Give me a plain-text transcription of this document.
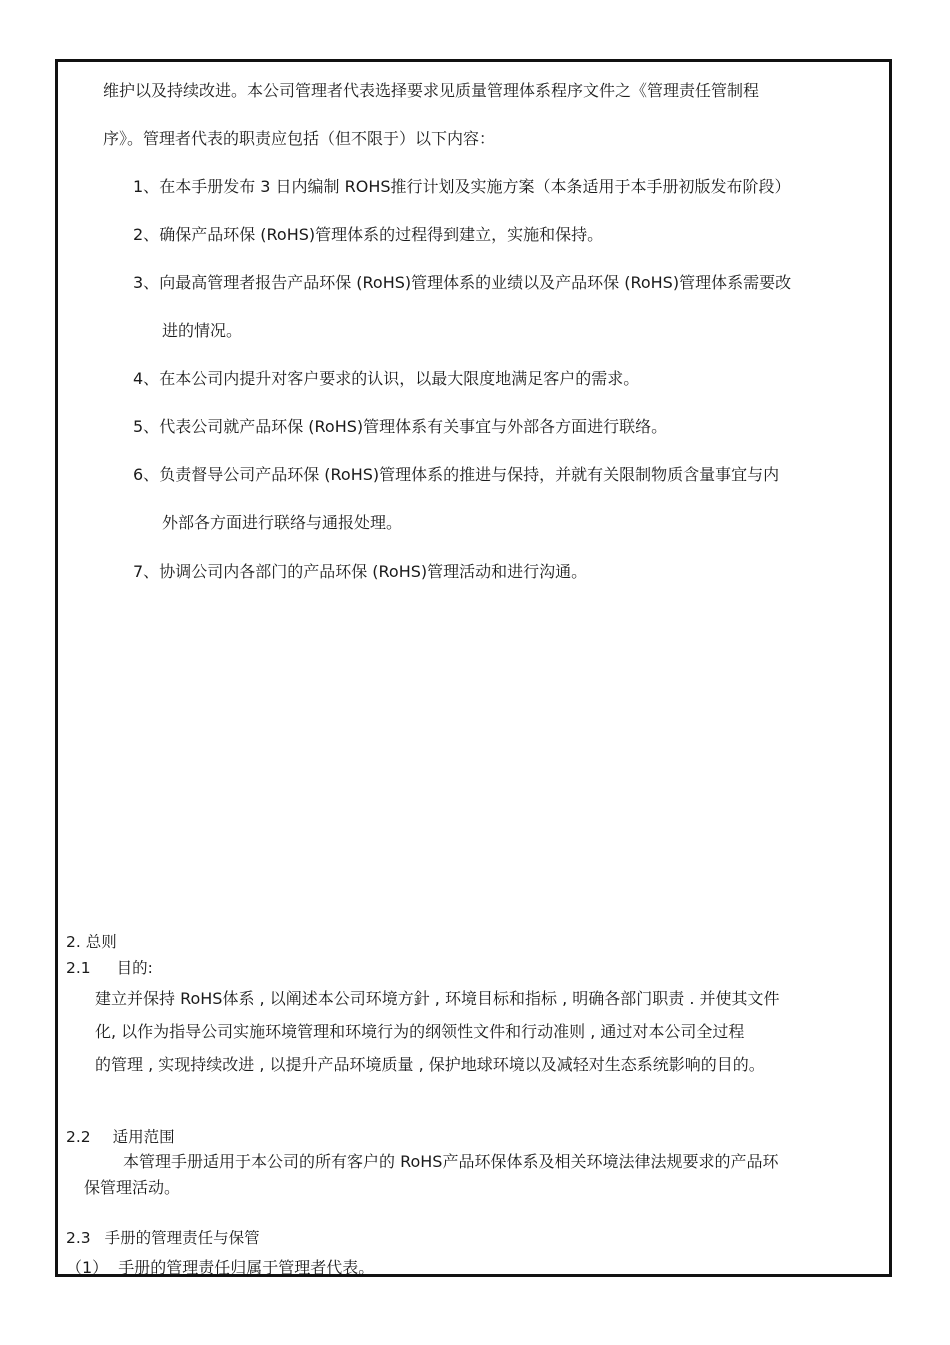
维护以及持续改进。本公司管理者代表选择要求见质量管理体系程序文件之《管理责任管制程
序》。管理者代表的职责应包括（但不限于）以下内容：
1、在本手册发布 3 日内编制 ROHS推行计划及实施方案（本条适用于本手册初版发布阶段）
2、确保产品环保 (RoHS)管理体系的过程得到建立，实施和保持。
3、向最高管理者报告产品环保 (RoHS)管理体系的业绩以及产品环保 (RoHS)管理体系需要改
进的情况。
4、在本公司内提升对客户要求的认识，以最大限度地满足客户的需求。
5、代表公司就产品环保 (RoHS)管理体系有关事宜与外部各方面进行联络。
6、负责督导公司产品环保 (RoHS)管理体系的推进与保持，并就有关限制物质含量事宜与内
外部各方面进行联络与通报处理。
7、协调公司内各部门的产品环保 (RoHS)管理活动和进行沟通。
2. 总则
2.1 目的:
建立并保持 RoHS体系 , 以阐述本公司环境方針 , 环境目标和指标 , 明确各部门职责 . 并使其文件
化, 以作为指导公司实施环境管理和环境行为的纲领性文件和行动准则 , 通过对本公司全过程
的管理 , 实现持续改进 , 以提升产品环境质量 , 保护地球环境以及减轻对生态系统影响的目的。
2.2 适用范围
本管理手册适用于本公司的所有客户的 RoHS产品环保体系及相关环境法律法规要求的产品环
保管理活动。
2.3 手册的管理责任与保管
（1） 手册的管理责任归属于管理者代表。
